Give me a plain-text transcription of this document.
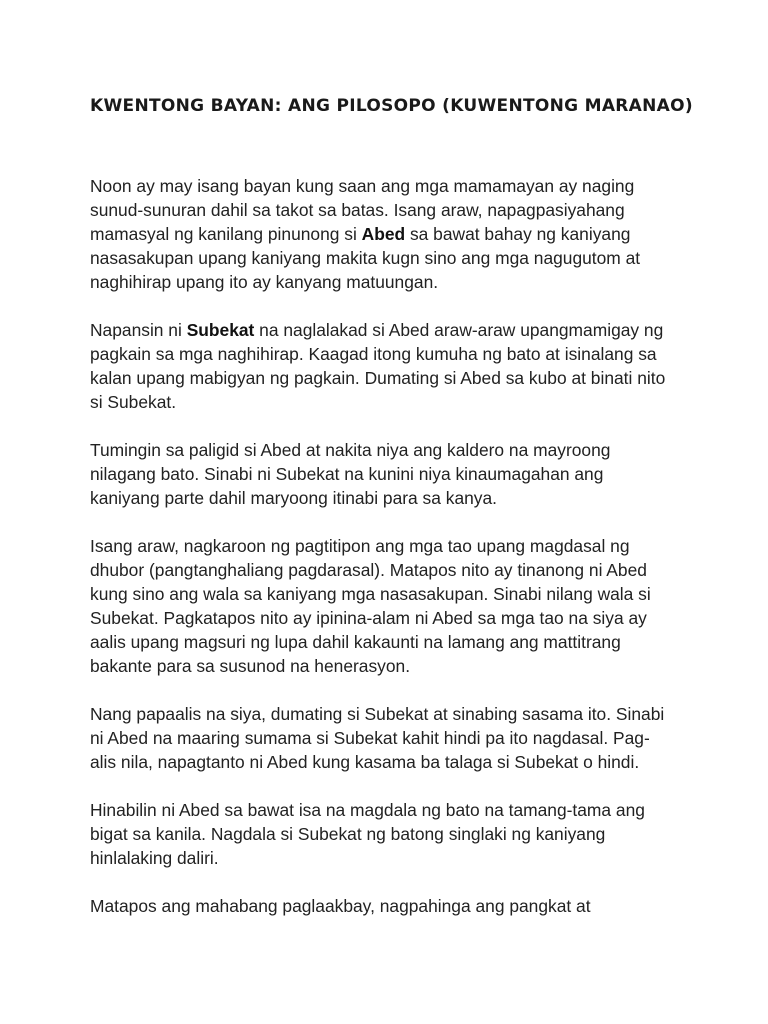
KWENTONG BAYAN: ANG PILOSOPO (KUWENTONG MARANAO)

Noon ay may isang bayan kung saan ang mga mamamayan ay naging
sunud-sunuran dahil sa takot sa batas. Isang araw, napagpasiyahang
mamasyal ng kanilang pinunong si Abed sa bawat bahay ng kaniyang
nasasakupan upang kaniyang makita kugn sino ang mga nagugutom at
naghihirap upang ito ay kanyang matuungan.

Napansin ni Subekat na naglalakad si Abed araw-araw upangmamigay ng
pagkain sa mga naghihirap. Kaagad itong kumuha ng bato at isinalang sa
kalan upang mabigyan ng pagkain. Dumating si Abed sa kubo at binati nito
si Subekat.

Tumingin sa paligid si Abed at nakita niya ang kaldero na mayroong
nilagang bato. Sinabi ni Subekat na kunini niya kinaumagahan ang
kaniyang parte dahil maryoong itinabi para sa kanya.

Isang araw, nagkaroon ng pagtitipon ang mga tao upang magdasal ng
dhubor (pangtanghaliang pagdarasal). Matapos nito ay tinanong ni Abed
kung sino ang wala sa kaniyang mga nasasakupan. Sinabi nilang wala si
Subekat. Pagkatapos nito ay ipinina-alam ni Abed sa mga tao na siya ay
aalis upang magsuri ng lupa dahil kakaunti na lamang ang mattitrang
bakante para sa susunod na henerasyon.

Nang papaalis na siya, dumating si Subekat at sinabing sasama ito. Sinabi
ni Abed na maaring sumama si Subekat kahit hindi pa ito nagdasal. Pag-
alis nila, napagtanto ni Abed kung kasama ba talaga si Subekat o hindi.

Hinabilin ni Abed sa bawat isa na magdala ng bato na tamang-tama ang
bigat sa kanila. Nagdala si Subekat ng batong singlaki ng kaniyang
hinlalaking daliri.

Matapos ang mahabang paglaakbay, nagpahinga ang pangkat at
